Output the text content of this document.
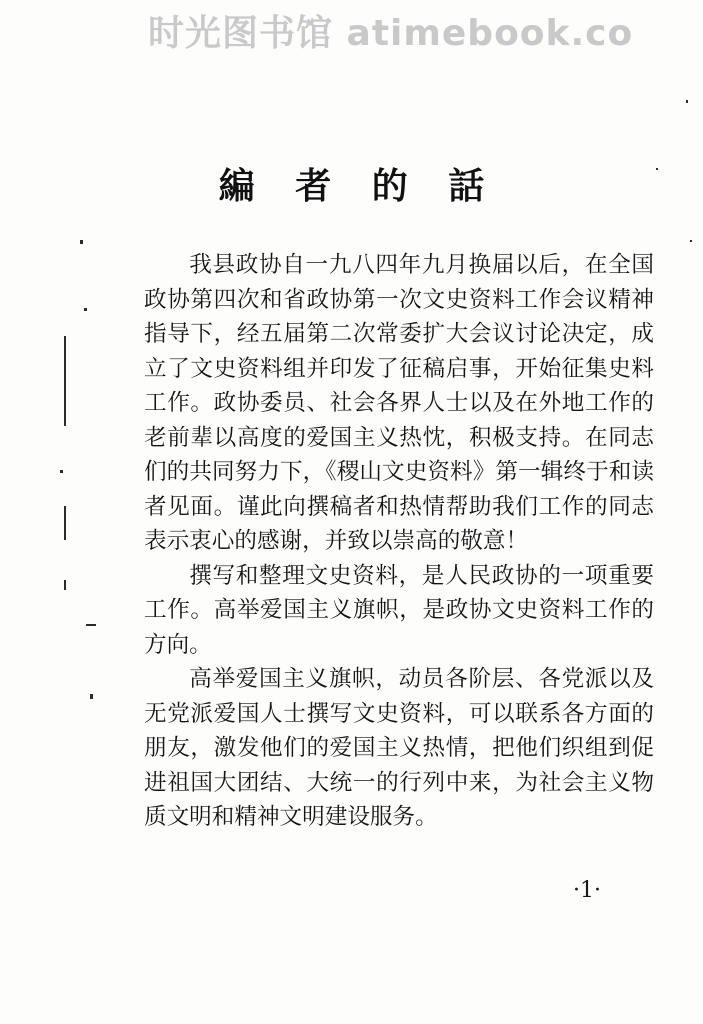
时光图书馆 atimebook.co
編 者 的 話

我县政协自一九八四年九月换届以后，在全国政协第四次和省政协第一次文史资料工作会议精神指导下，经五届第二次常委扩大会议讨论决定，成立了文史资料组并印发了征稿启事，开始征集史料工作。政协委员、社会各界人士以及在外地工作的老前辈以高度的爱国主义热忱，积极支持。在同志们的共同努力下，《稷山文史资料》第一辑终于和读者见面。谨此向撰稿者和热情帮助我们工作的同志表示衷心的感谢，并致以崇高的敬意！

撰写和整理文史资料，是人民政协的一项重要工作。高举爱国主义旗帜，是政协文史资料工作的方向。

高举爱国主义旗帜，动员各阶层、各党派以及无党派爱国人士撰写文史资料，可以联系各方面的朋友，激发他们的爱国主义热情，把他们织组到促进祖国大团结、大统一的行列中来，为社会主义物质文明和精神文明建设服务。

·1·
